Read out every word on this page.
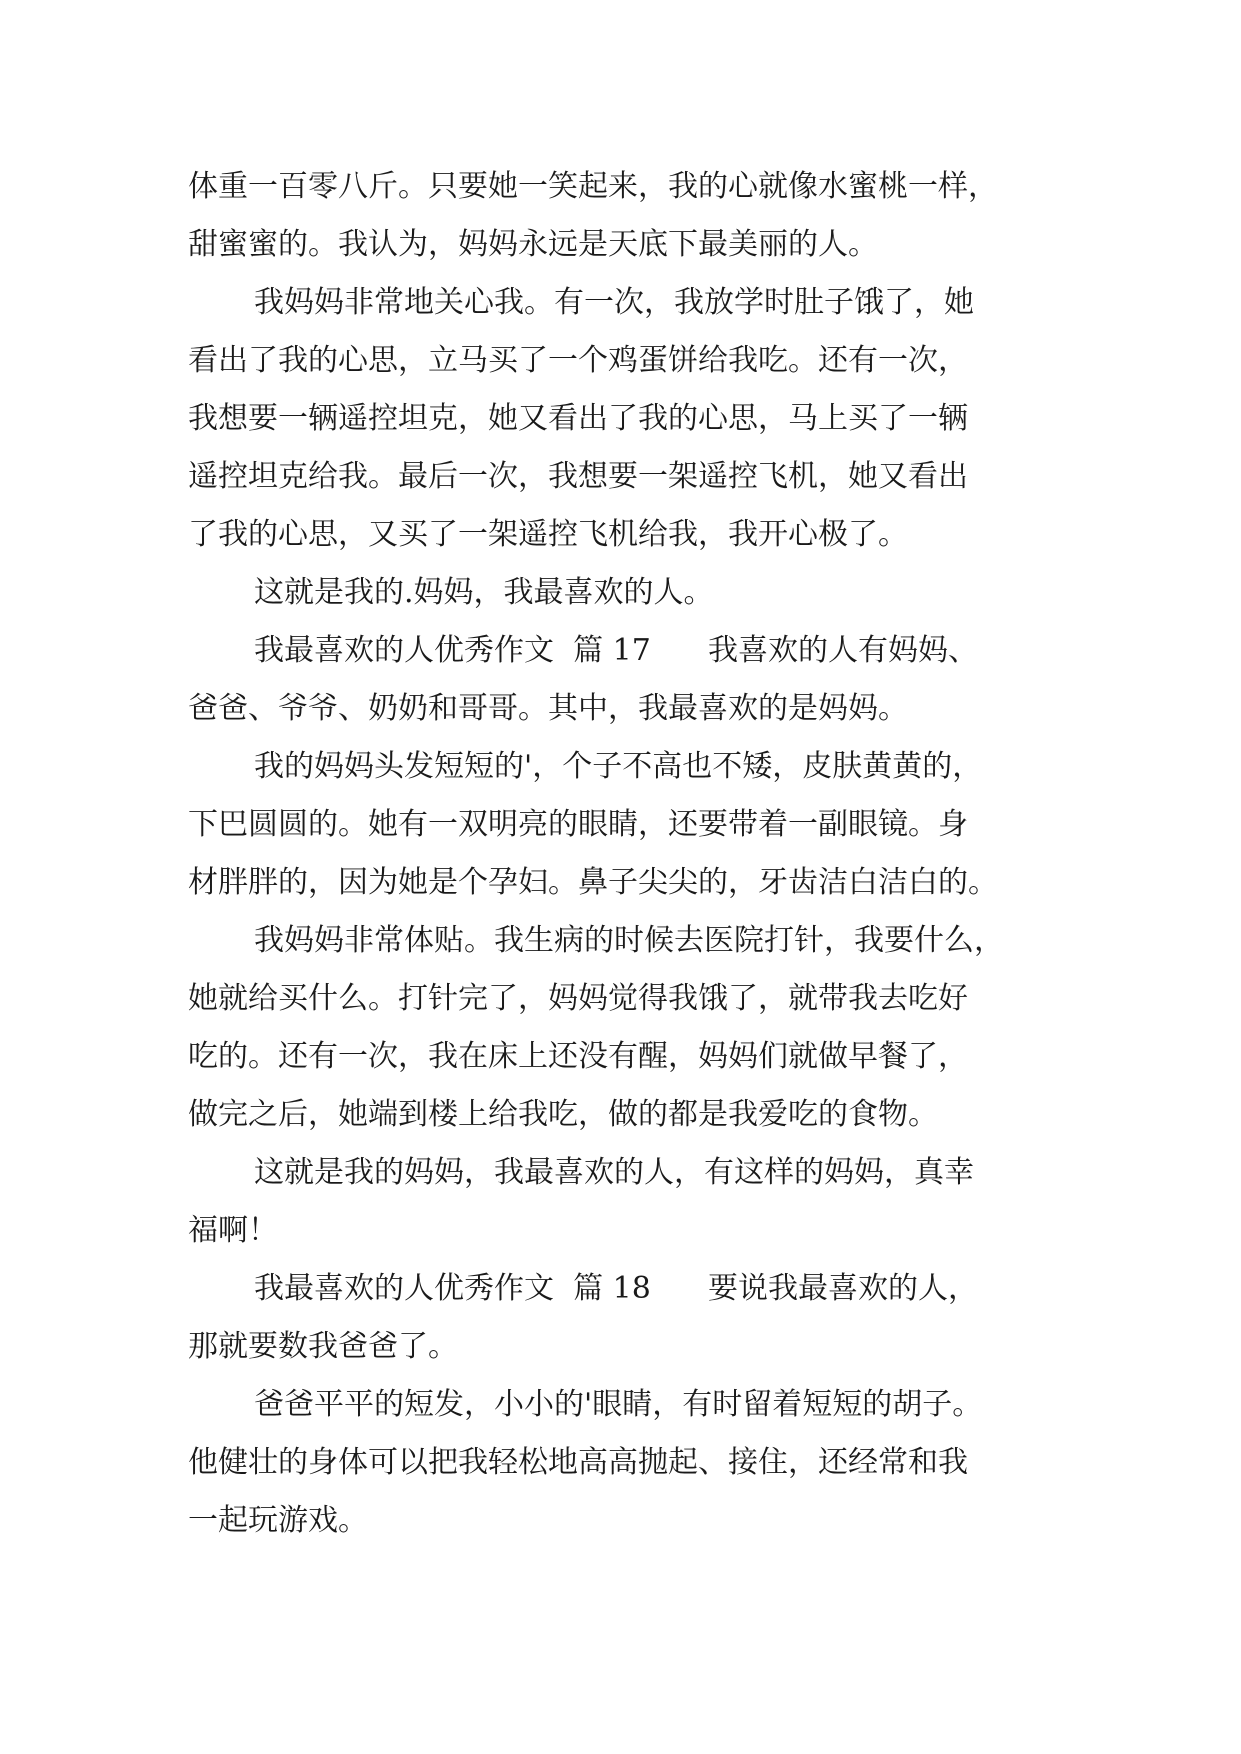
体重一百零八斤。只要她一笑起来，我的心就像水蜜桃一样，
甜蜜蜜的。我认为，妈妈永远是天底下最美丽的人。
我妈妈非常地关心我。有一次，我放学时肚子饿了，她
看出了我的心思，立马买了一个鸡蛋饼给我吃。还有一次，
我想要一辆遥控坦克，她又看出了我的心思，马上买了一辆
遥控坦克给我。最后一次，我想要一架遥控飞机，她又看出
了我的心思，又买了一架遥控飞机给我，我开心极了。
这就是我的.妈妈，我最喜欢的人。
我最喜欢的人优秀作文  篇 17      我喜欢的人有妈妈、
爸爸、爷爷、奶奶和哥哥。其中，我最喜欢的是妈妈。
我的妈妈头发短短的'，个子不高也不矮，皮肤黄黄的，
下巴圆圆的。她有一双明亮的眼睛，还要带着一副眼镜。身
材胖胖的，因为她是个孕妇。鼻子尖尖的，牙齿洁白洁白的。
我妈妈非常体贴。我生病的时候去医院打针，我要什么，
她就给买什么。打针完了，妈妈觉得我饿了，就带我去吃好
吃的。还有一次，我在床上还没有醒，妈妈们就做早餐了，
做完之后，她端到楼上给我吃，做的都是我爱吃的食物。
这就是我的妈妈，我最喜欢的人，有这样的妈妈，真幸
福啊！
我最喜欢的人优秀作文  篇 18      要说我最喜欢的人，
那就要数我爸爸了。
爸爸平平的短发，小小的'眼睛，有时留着短短的胡子。
他健壮的身体可以把我轻松地高高抛起、接住，还经常和我
一起玩游戏。
